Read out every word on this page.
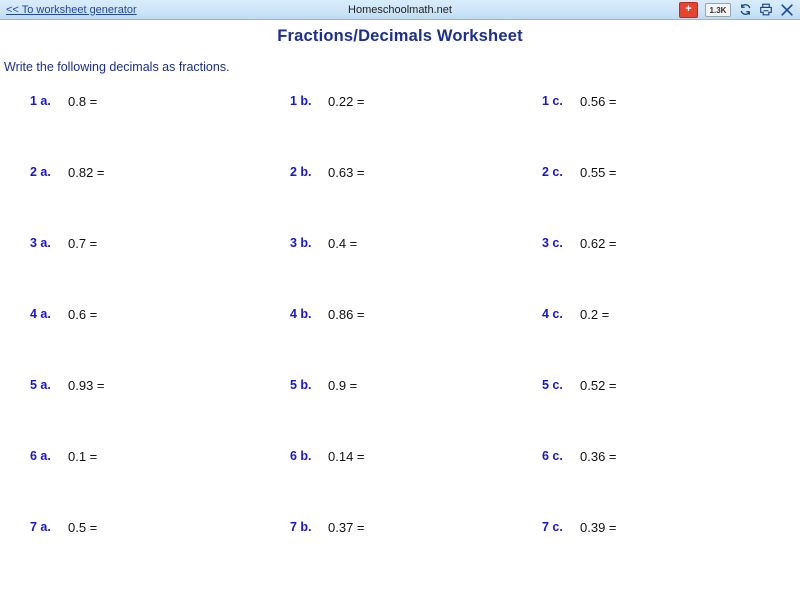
<< To worksheet generator	Homeschoolmath.net	+	1.3K
Fractions/Decimals Worksheet
Write the following decimals as fractions.
1 a.	0.8 =	1 b.	0.22 =	1 c.	0.56 =
2 a.	0.82 =	2 b.	0.63 =	2 c.	0.55 =
3 a.	0.7 =	3 b.	0.4 =	3 c.	0.62 =
4 a.	0.6 =	4 b.	0.86 =	4 c.	0.2 =
5 a.	0.93 =	5 b.	0.9 =	5 c.	0.52 =
6 a.	0.1 =	6 b.	0.14 =	6 c.	0.36 =
7 a.	0.5 =	7 b.	0.37 =	7 c.	0.39 =
